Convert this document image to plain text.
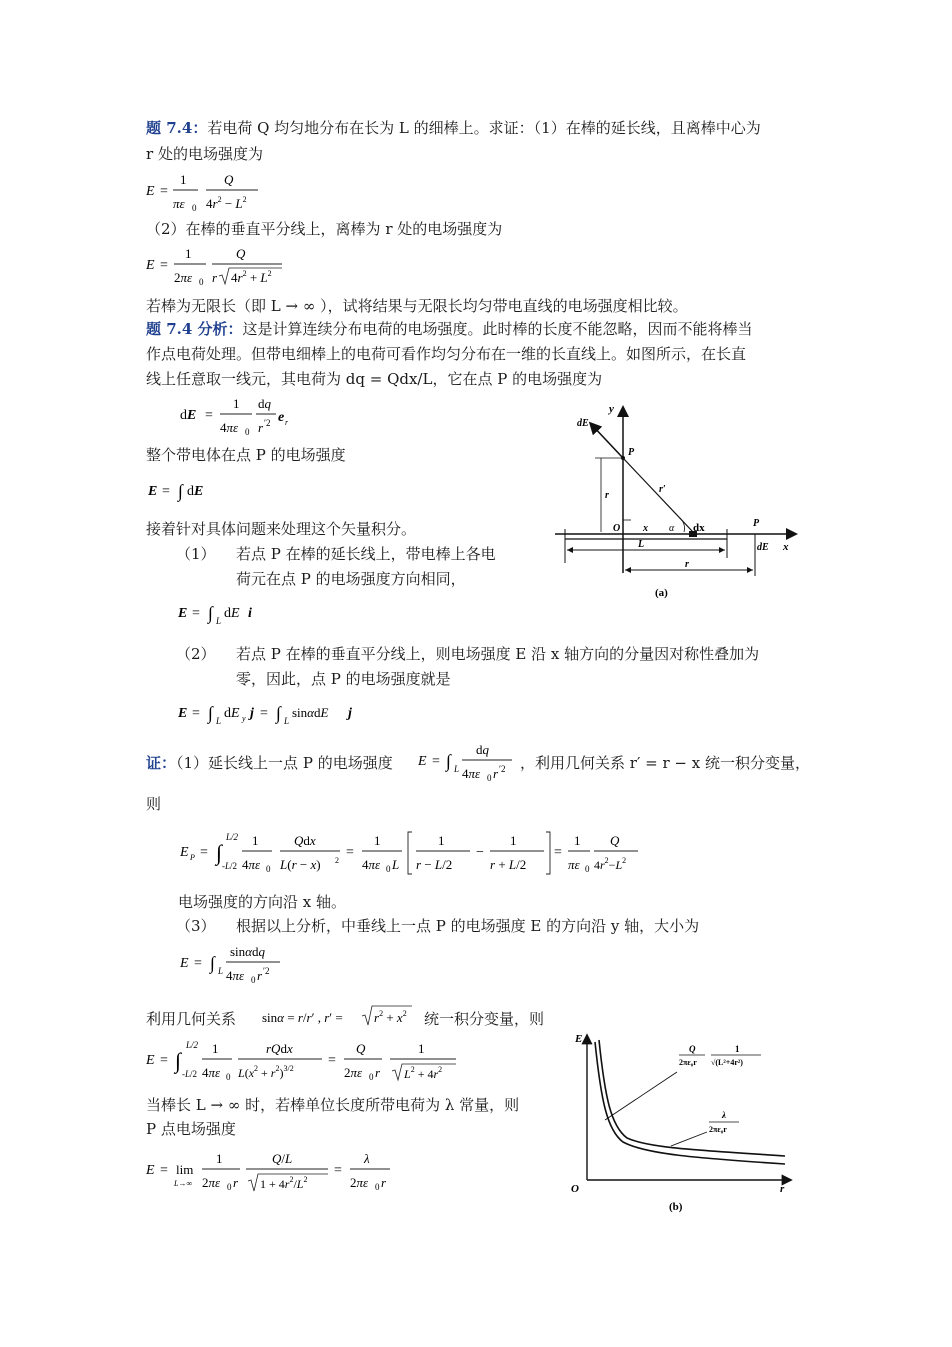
题 7.4：若电荷 Q 均匀地分布在长为 L 的细棒上。求证：（1）在棒的延长线，且离棒中心为
r 处的电场强度为
E =
1
πε 0
Q
$4r^2 - L^2$
（2）在棒的垂直平分线上，离棒为 r 处的电场强度为
E =
1
2πε 0
Q
r $4r^2 + L^2$
若棒为无限长（即 L → ∞ ），试将结果与无限长均匀带电直线的电场强度相比较。
题 7.4 分析：这是计算连续分布电荷的电场强度。此时棒的长度不能忽略，因而不能将棒当
作点电荷处理。但带电细棒上的电荷可看作均匀分布在一维的长直线上。如图所示，在长直
线上任意取一线元，其电荷为 dq = Qdx/L，它在点 P 的电场强度为
dE =
1
4πε 0
dq
r ′2 e r
整个带电体在点 P 的电场强度
E = ∫ dE
接着针对具体问题来处理这个矢量积分。
（1） 若点 P 在棒的延长线上，带电棒上各电
荷元在点 P 的电场强度方向相同，
E = ∫ L dE i
（2） 若点 P 在棒的垂直平分线上，则电场强度 E 沿 x 轴方向的分量因对称性叠加为
零，因此，点 P 的电场强度就是
E = ∫ L dE y j = ∫ L
sinαdE j
证：（1）延长线上一点 P 的电场强度 E = ∫ L
dq
4πε 0 r ′2 ，利用几何关系 r′ = r − x 统一积分变量，
则
E P = ∫
L/2
-L/2
1
4πε 0
Qdx
L(r − x) 2
=
1
4πε 0 L
1
r − L/2
−
1
r + L/2
=
1
πε 0
Q
$4r^2-L^2$
电场强度的方向沿 x 轴。
（3） 根据以上分析，中垂线上一点 P 的电场强度 E 的方向沿 y 轴，大小为
E = ∫ L
sinαdq
4πε 0 r ′2
利用几何关系 sinα = r/r′ , $r' = r^2 + x^2$ 统一积分变量，则
E = ∫
L/2
-L/2
1
4πε 0
rQdx
$L(x^2 + r^2)^{3/2}$
=
Q
2πε 0 r
1
$L^2 + 4r^2$
当棒长 L → ∞ 时，若棒单位长度所带电荷为 λ 常量，则
P 点电场强度
E = lim
L→∞
1
2πε 0 r
Q/L
$1 + 4r^2/L^2$
=
λ
2πε 0 r
y
dE
P
r
r′
O x α dx	P
dE x
L
r
(a)
E
O	r
Q
2πε₀r
1
√(L²+4r²)
λ
2πε₀r
(b)
